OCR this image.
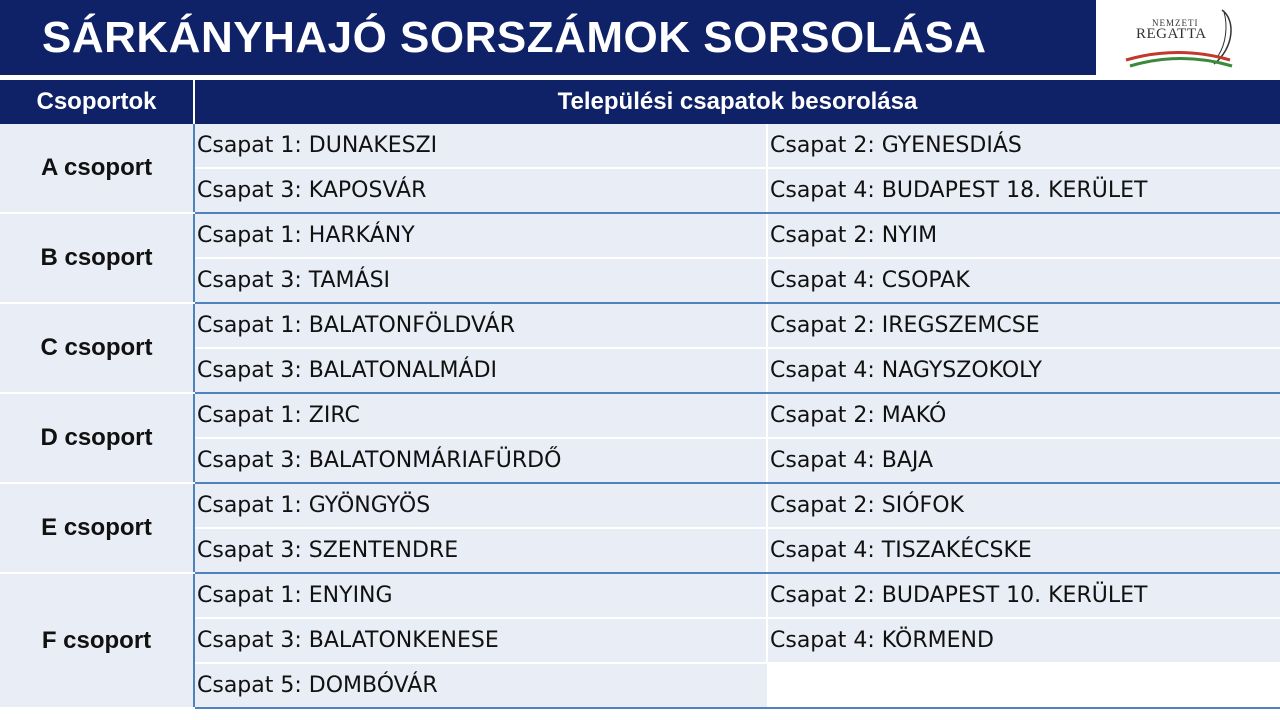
SÁRKÁNYHAJÓ SORSZÁMOK SORSOLÁSA	NEMZETI
REGATTA
Csoportok	Települési csapatok besorolása	
A csoport	Csapat 1: DUNAKESZI	Csapat 2: GYENESDIÁS
	Csapat 3: KAPOSVÁR	Csapat 4: BUDAPEST 18. KERÜLET
B csoport	Csapat 1: HARKÁNY	Csapat 2: NYIM
	Csapat 3: TAMÁSI	Csapat 4: CSOPAK
C csoport	Csapat 1: BALATONFÖLDVÁR	Csapat 2: IREGSZEMCSE
	Csapat 3: BALATONALMÁDI	Csapat 4: NAGYSZOKOLY
D csoport	Csapat 1: ZIRC	Csapat 2: MAKÓ
	Csapat 3: BALATONMÁRIAFÜRDŐ	Csapat 4: BAJA
E csoport	Csapat 1: GYÖNGYÖS	Csapat 2: SIÓFOK
	Csapat 3: SZENTENDRE	Csapat 4: TISZAKÉCSKE
F csoport	Csapat 1: ENYING	Csapat 2: BUDAPEST 10. KERÜLET
	Csapat 3: BALATONKENESE	Csapat 4: KÖRMEND
	Csapat 5: DOMBÓVÁR	
